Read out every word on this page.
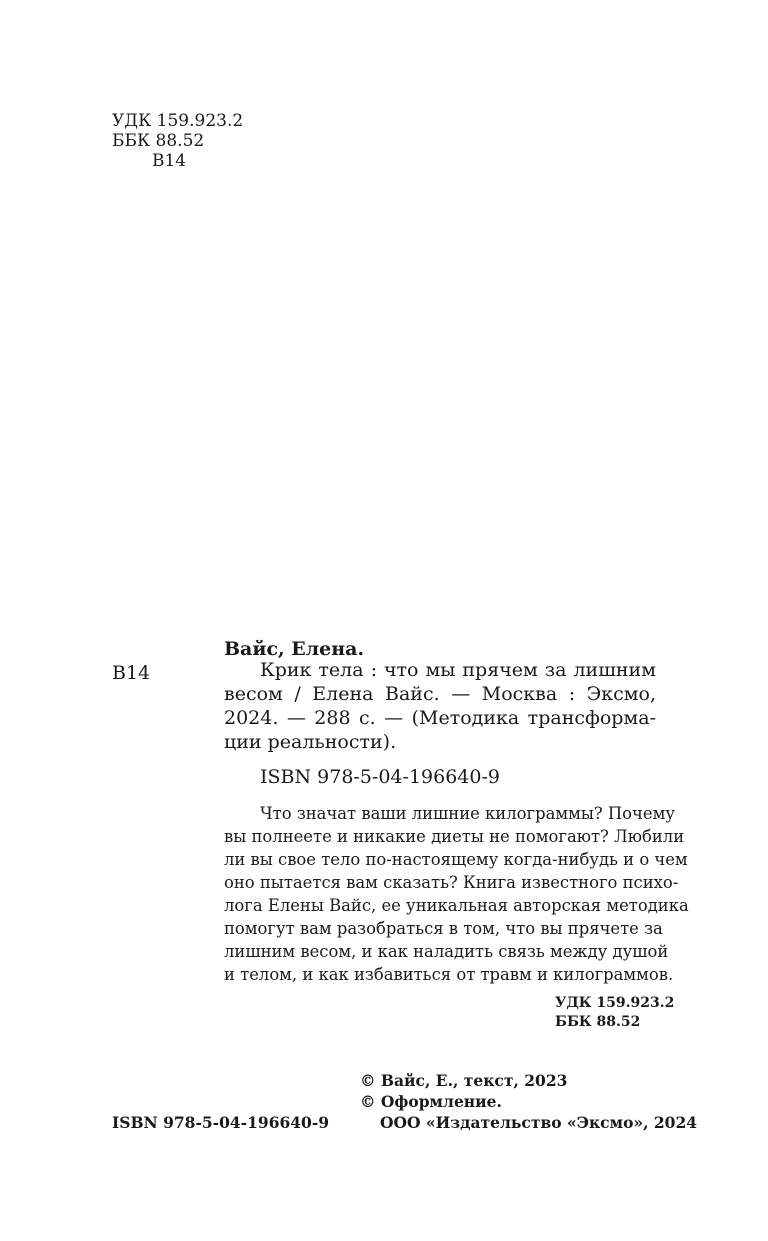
УДК 159.923.2
ББК 88.52
В14
Вайс, Елена.
В14	Крик тела : что мы прячем за лишним
весом / Елена Вайс. — Москва : Эксмо,
2024. — 288 с. — (Методика трансформа-
ции реальности).
ISBN 978-5-04-196640-9
Что значат ваши лишние килограммы? Почему
вы полнеете и никакие диеты не помогают? Любили
ли вы свое тело по-настоящему когда-нибудь и о чем
оно пытается вам сказать? Книга известного психо-
лога Елены Вайс, ее уникальная авторская методика
помогут вам разобраться в том, что вы прячете за
лишним весом, и как наладить связь между душой
и телом, и как избавиться от травм и килограммов.
УДК 159.923.2
ББК 88.52
© Вайс, Е., текст, 2023
© Оформление.
ООО «Издательство «Эксмо», 2024
ISBN 978-5-04-196640-9
